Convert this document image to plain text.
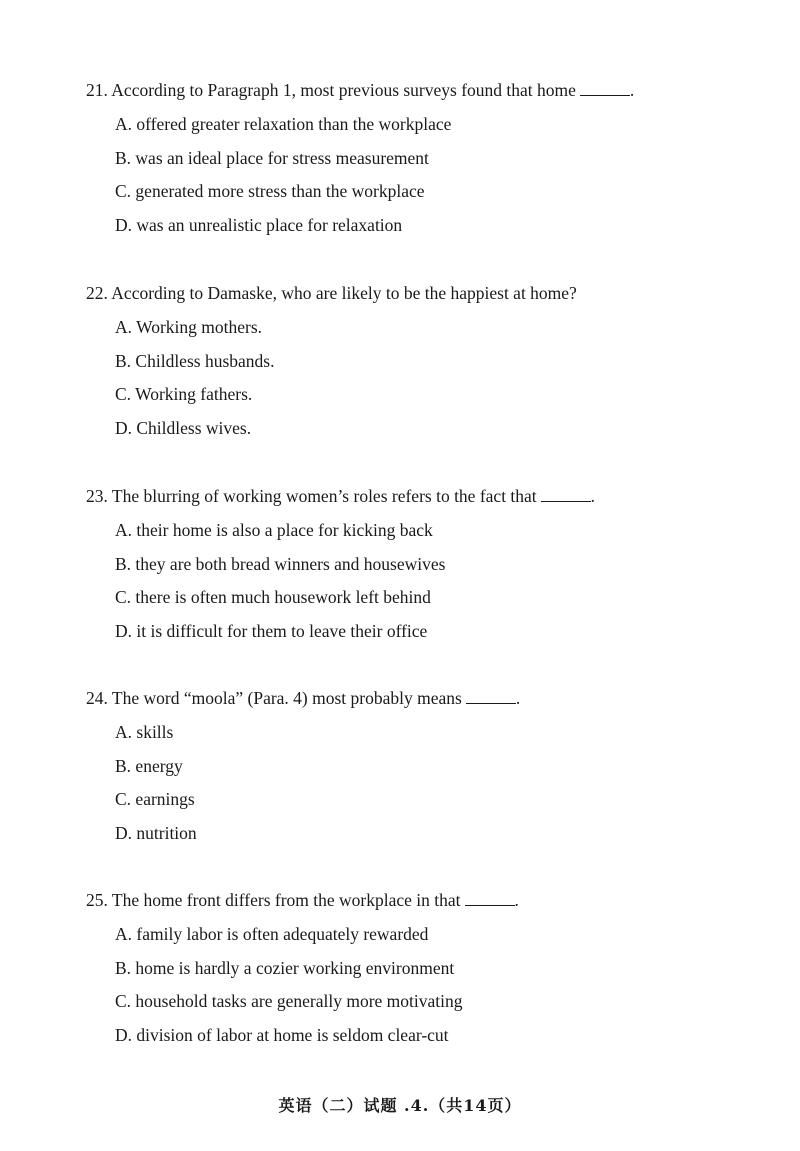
21. According to Paragraph 1, most previous surveys found that home	.
A. offered greater relaxation than the workplace
B. was an ideal place for stress measurement
C. generated more stress than the workplace
D. was an unrealistic place for relaxation
22. According to Damaske, who are likely to be the happiest at home?
A. Working mothers.
B. Childless husbands.
C. Working fathers.
D. Childless wives.
23. The blurring of working women’s roles refers to the fact that	.
A. their home is also a place for kicking back
B. they are both bread winners and housewives
C. there is often much housework left behind
D. it is difficult for them to leave their office
24. The word “moola” (Para. 4) most probably means	.
A. skills
B. energy
C. earnings
D. nutrition
25. The home front differs from the workplace in that	.
A. family labor is often adequately rewarded
B. home is hardly a cozier working environment
C. household tasks are generally more motivating
D. division of labor at home is seldom clear-cut
英语（二）试题 .4.（共14页）
